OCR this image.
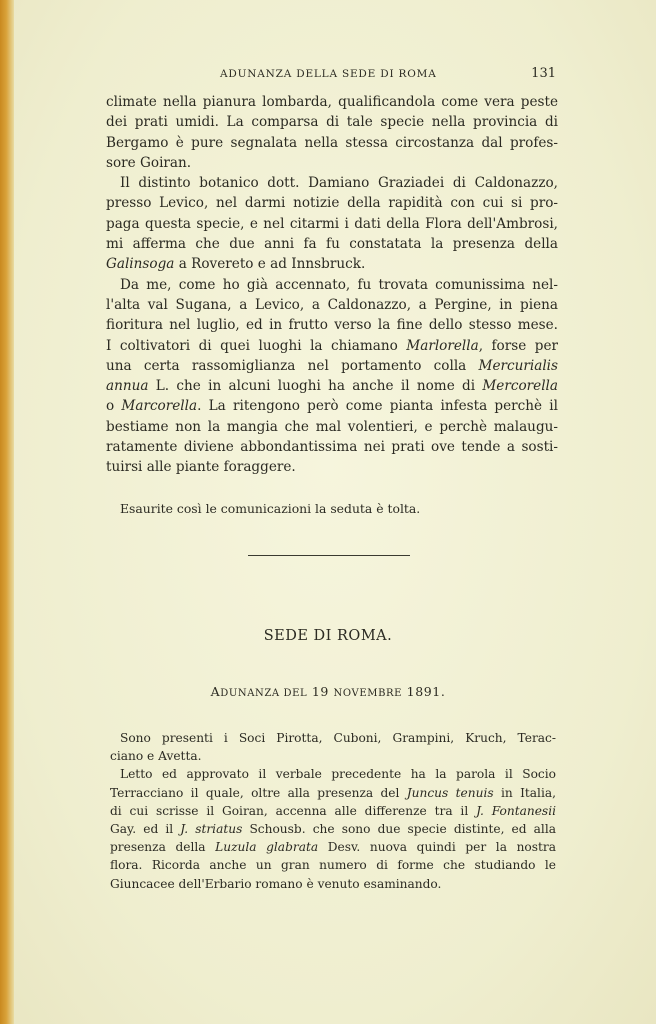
ADUNANZA DELLA SEDE DI ROMA	131
climate nella pianura lombarda, qualificandola come vera peste
dei prati umidi. La comparsa di tale specie nella provincia di
Bergamo è pure segnalata nella stessa circostanza dal profes-
sore Goiran.
Il distinto botanico dott. Damiano Graziadei di Caldonazzo,
presso Levico, nel darmi notizie della rapidità con cui si pro-
paga questa specie, e nel citarmi i dati della Flora dell'Ambrosi,
mi afferma che due anni fa fu constatata la presenza della
Galinsoga a Rovereto e ad Innsbruck.
Da me, come ho già accennato, fu trovata comunissima nel-
l'alta val Sugana, a Levico, a Caldonazzo, a Pergine, in piena
fioritura nel luglio, ed in frutto verso la fine dello stesso mese.
I coltivatori di quei luoghi la chiamano Marlorella, forse per
una certa rassomiglianza nel portamento colla Mercurialis
annua L. che in alcuni luoghi ha anche il nome di Mercorella
o Marcorella. La ritengono però come pianta infesta perchè il
bestiame non la mangia che mal volentieri, e perchè malaugu-
ratamente diviene abbondantissima nei prati ove tende a sosti-
tuirsi alle piante foraggere.
Esaurite così le comunicazioni la seduta è tolta.
SEDE DI ROMA.
ADUNANZA DEL 19 NOVEMBRE 1891.
Sono presenti i Soci Pirotta, Cuboni, Grampini, Kruch, Terac-
ciano e Avetta.
Letto ed approvato il verbale precedente ha la parola il Socio
Terracciano il quale, oltre alla presenza del Juncus tenuis in Italia,
di cui scrisse il Goiran, accenna alle differenze tra il J. Fontanesii
Gay. ed il J. striatus Schousb. che sono due specie distinte, ed alla
presenza della Luzula glabrata Desv. nuova quindi per la nostra
flora. Ricorda anche un gran numero di forme che studiando le
Giuncacee dell'Erbario romano è venuto esaminando.
